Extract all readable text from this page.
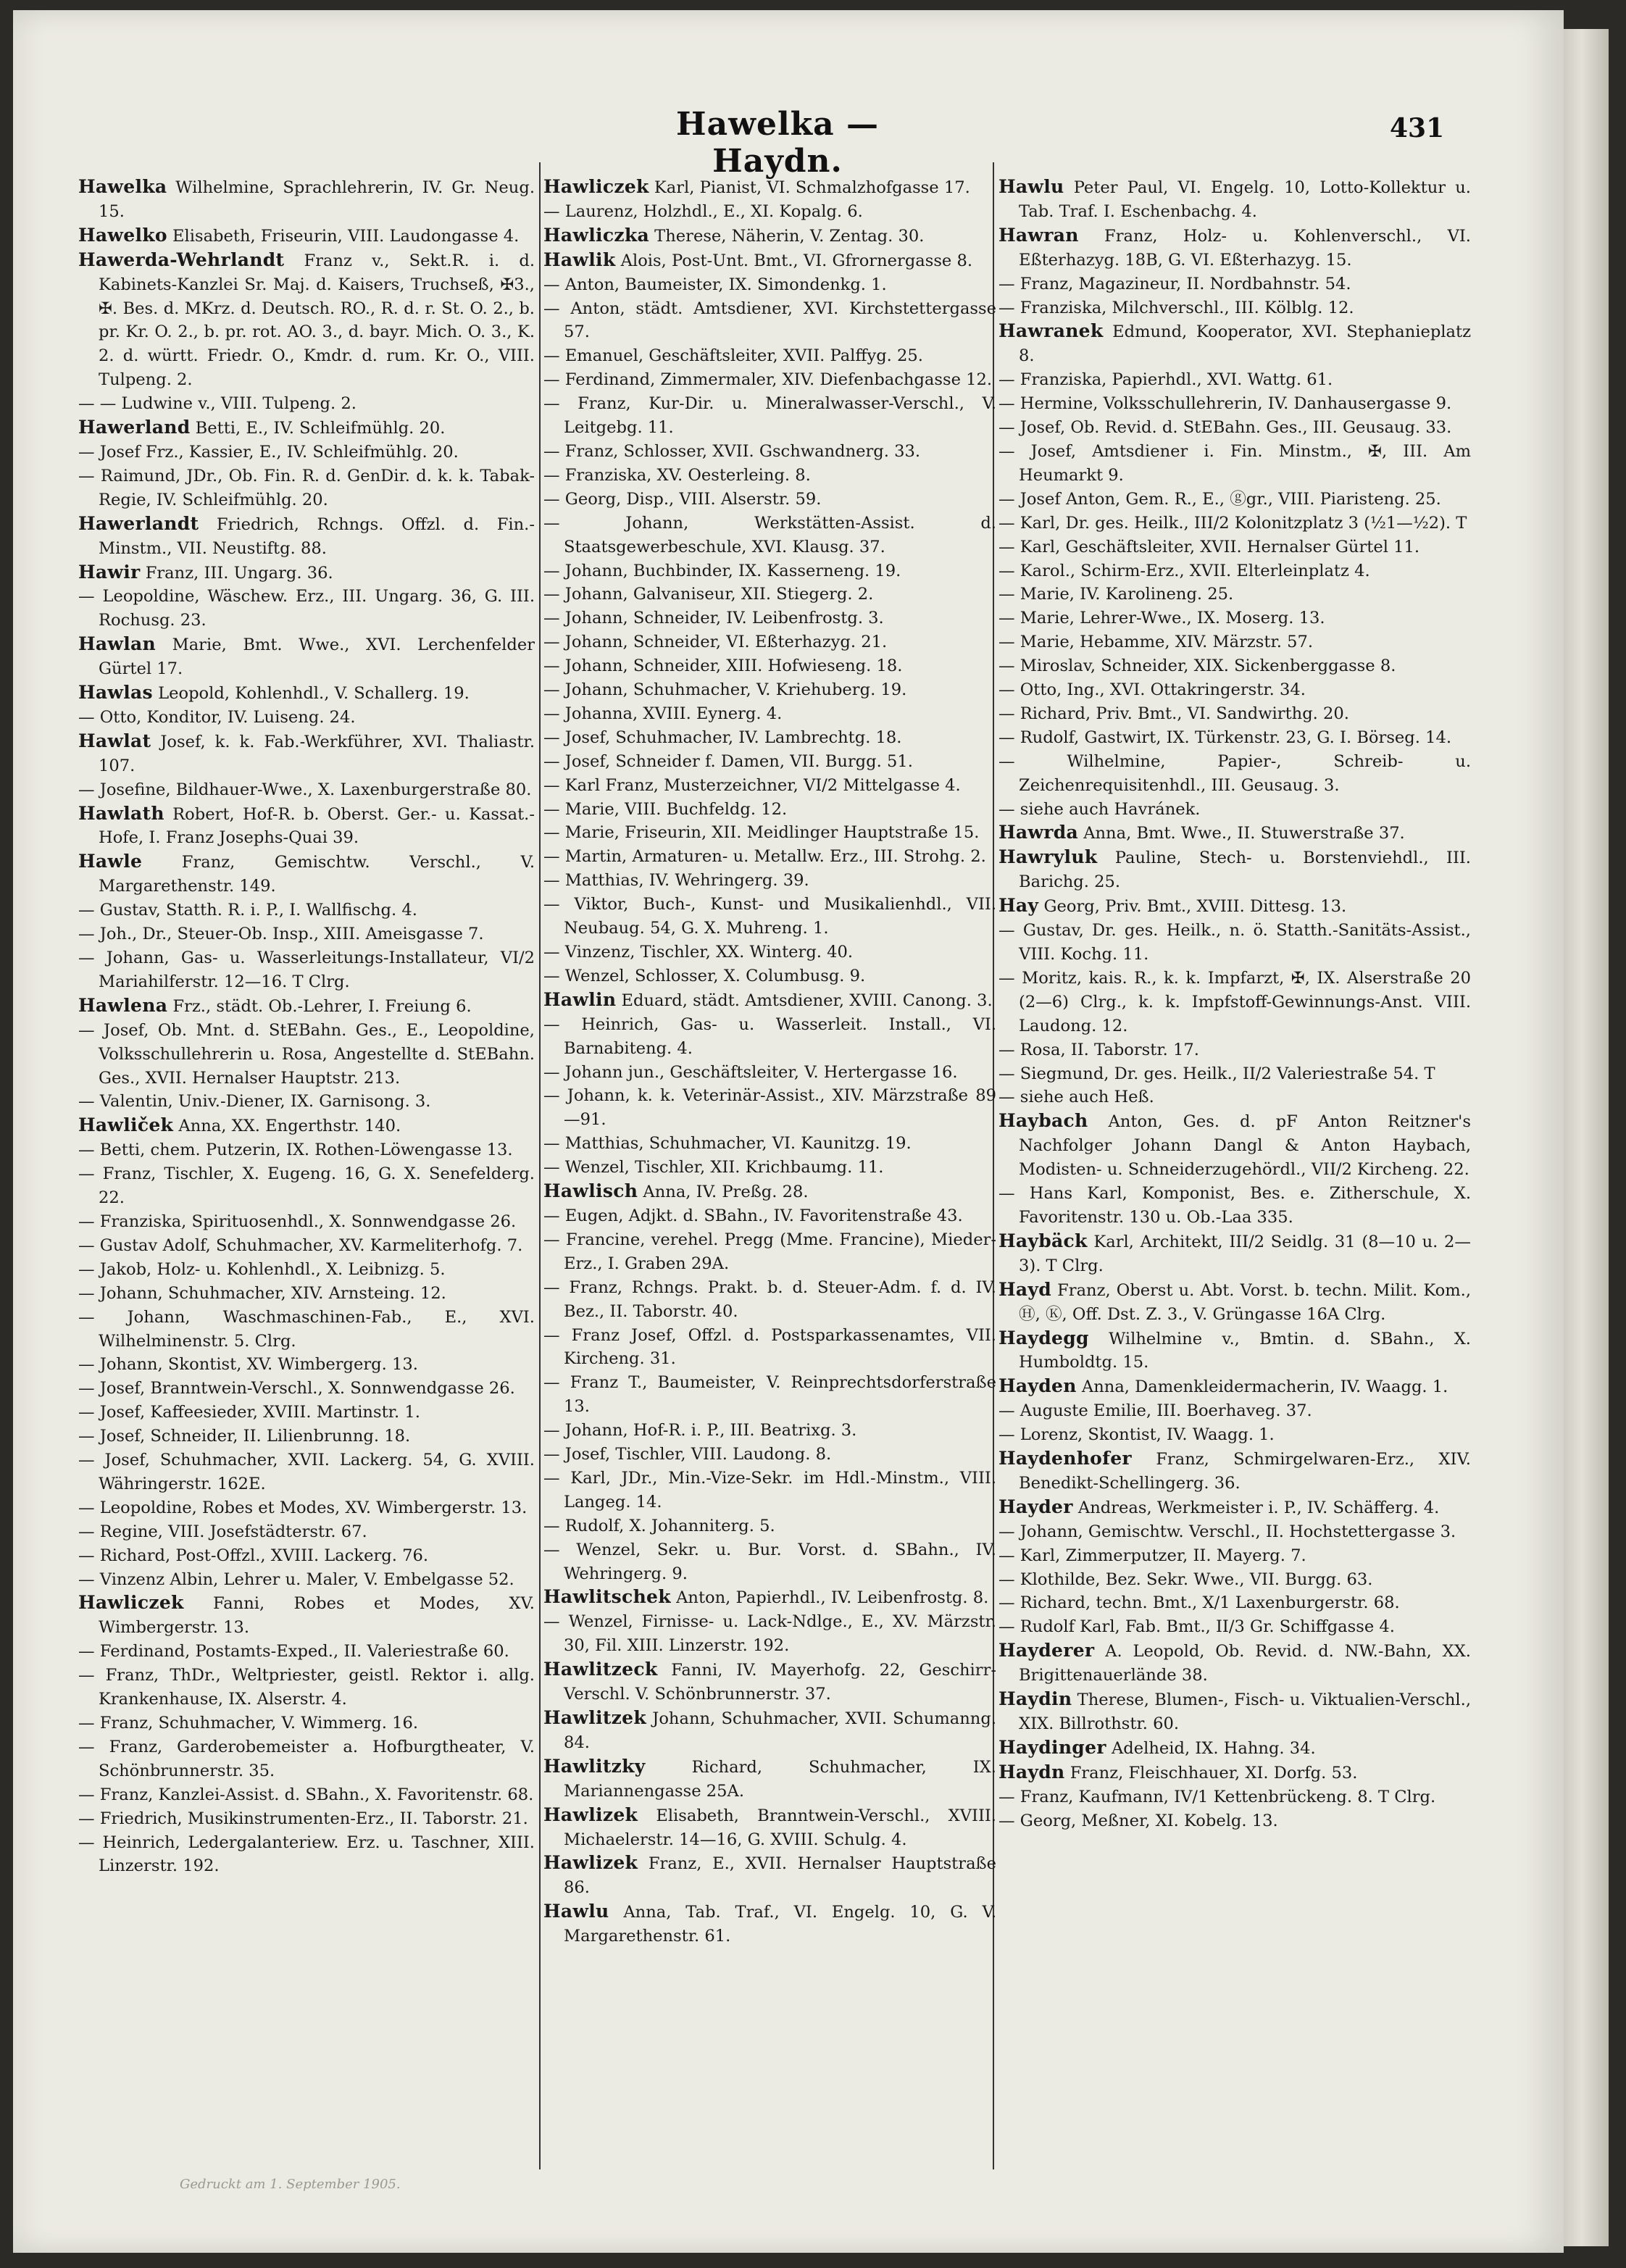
Hawelka — Haydn.
431

Hawelka Wilhelmine, Sprachlehrerin, IV. Gr. Neug. 15.

Hawelko Elisabeth, Friseurin, VIII. Laudongasse 4.

Hawerda-Wehrlandt Franz v., Sekt.R. i. d. Kabinets-Kanzlei Sr. Maj. d. Kaisers, Truchseß, ✠3., ✠. Bes. d. MKrz. d. Deutsch. RO., R. d. r. St. O. 2., b. pr. Kr. O. 2., b. pr. rot. AO. 3., d. bayr. Mich. O. 3., K. 2. d. württ. Friedr. O., Kmdr. d. rum. Kr. O., VIII. Tulpeng. 2.

— — Ludwine v., VIII. Tulpeng. 2.

Hawerland Betti, E., IV. Schleifmühlg. 20.

— Josef Frz., Kassier, E., IV. Schleifmühlg. 20.

— Raimund, JDr., Ob. Fin. R. d. GenDir. d. k. k. Tabak-Regie, IV. Schleifmühlg. 20.

Hawerlandt Friedrich, Rchngs. Offzl. d. Fin.-Minstm., VII. Neustiftg. 88.

Hawir Franz, III. Ungarg. 36.

— Leopoldine, Wäschew. Erz., III. Ungarg. 36, G. III. Rochusg. 23.

Hawlan Marie, Bmt. Wwe., XVI. Lerchenfelder Gürtel 17.

Hawlas Leopold, Kohlenhdl., V. Schallerg. 19.

— Otto, Konditor, IV. Luiseng. 24.

Hawlat Josef, k. k. Fab.-Werkführer, XVI. Thaliastr. 107.

— Josefine, Bildhauer-Wwe., X. Laxenburgerstraße 80.

Hawlath Robert, Hof-R. b. Oberst. Ger.- u. Kassat.-Hofe, I. Franz Josephs-Quai 39.

Hawle Franz, Gemischtw. Verschl., V. Margarethenstr. 149.

— Gustav, Statth. R. i. P., I. Wallfischg. 4.

— Joh., Dr., Steuer-Ob. Insp., XIII. Ameisgasse 7.

— Johann, Gas- u. Wasserleitungs-Installateur, VI/2 Mariahilferstr. 12—16. T Clrg.

Hawlena Frz., städt. Ob.-Lehrer, I. Freiung 6.

— Josef, Ob. Mnt. d. StEBahn. Ges., E., Leopoldine, Volksschullehrerin u. Rosa, Angestellte d. StEBahn. Ges., XVII. Hernalser Hauptstr. 213.

— Valentin, Univ.-Diener, IX. Garnisong. 3.

Hawliček Anna, XX. Engerthstr. 140.

— Betti, chem. Putzerin, IX. Rothen-Löwengasse 13.

— Franz, Tischler, X. Eugeng. 16, G. X. Senefelderg. 22.

— Franziska, Spirituosenhdl., X. Sonnwendgasse 26.

— Gustav Adolf, Schuhmacher, XV. Karmeliterhofg. 7.

— Jakob, Holz- u. Kohlenhdl., X. Leibnizg. 5.

— Johann, Schuhmacher, XIV. Arnsteing. 12.

— Johann, Waschmaschinen-Fab., E., XVI. Wilhelminenstr. 5. Clrg.

— Johann, Skontist, XV. Wimbergerg. 13.

— Josef, Branntwein-Verschl., X. Sonnwendgasse 26.

— Josef, Kaffeesieder, XVIII. Martinstr. 1.

— Josef, Schneider, II. Lilienbrunng. 18.

— Josef, Schuhmacher, XVII. Lackerg. 54, G. XVIII. Währingerstr. 162E.

— Leopoldine, Robes et Modes, XV. Wimbergerstr. 13.

— Regine, VIII. Josefstädterstr. 67.

— Richard, Post-Offzl., XVIII. Lackerg. 76.

— Vinzenz Albin, Lehrer u. Maler, V. Embelgasse 52.

Hawliczek Fanni, Robes et Modes, XV. Wimbergerstr. 13.

— Ferdinand, Postamts-Exped., II. Valeriestraße 60.

— Franz, ThDr., Weltpriester, geistl. Rektor i. allg. Krankenhause, IX. Alserstr. 4.

— Franz, Schuhmacher, V. Wimmerg. 16.

— Franz, Garderobemeister a. Hofburgtheater, V. Schönbrunnerstr. 35.

— Franz, Kanzlei-Assist. d. SBahn., X. Favoritenstr. 68.

— Friedrich, Musikinstrumenten-Erz., II. Taborstr. 21.

— Heinrich, Ledergalanteriew. Erz. u. Taschner, XIII. Linzerstr. 192.

Hawliczek Karl, Pianist, VI. Schmalzhofgasse 17.

— Laurenz, Holzhdl., E., XI. Kopalg. 6.

Hawliczka Therese, Näherin, V. Zentag. 30.

Hawlik Alois, Post-Unt. Bmt., VI. Gfrornergasse 8.

— Anton, Baumeister, IX. Simondenkg. 1.

— Anton, städt. Amtsdiener, XVI. Kirchstettergasse 57.

— Emanuel, Geschäftsleiter, XVII. Palffyg. 25.

— Ferdinand, Zimmermaler, XIV. Diefenbachgasse 12.

— Franz, Kur-Dir. u. Mineralwasser-Verschl., V. Leitgebg. 11.

— Franz, Schlosser, XVII. Gschwandnerg. 33.

— Franziska, XV. Oesterleing. 8.

— Georg, Disp., VIII. Alserstr. 59.

— Johann, Werkstätten-Assist. d. Staatsgewerbeschule, XVI. Klausg. 37.

— Johann, Buchbinder, IX. Kasserneng. 19.

— Johann, Galvaniseur, XII. Stiegerg. 2.

— Johann, Schneider, IV. Leibenfrostg. 3.

— Johann, Schneider, VI. Eßterhazyg. 21.

— Johann, Schneider, XIII. Hofwieseng. 18.

— Johann, Schuhmacher, V. Kriehuberg. 19.

— Johanna, XVIII. Eynerg. 4.

— Josef, Schuhmacher, IV. Lambrechtg. 18.

— Josef, Schneider f. Damen, VII. Burgg. 51.

— Karl Franz, Musterzeichner, VI/2 Mittelgasse 4.

— Marie, VIII. Buchfeldg. 12.

— Marie, Friseurin, XII. Meidlinger Hauptstraße 15.

— Martin, Armaturen- u. Metallw. Erz., III. Strohg. 2.

— Matthias, IV. Wehringerg. 39.

— Viktor, Buch-, Kunst- und Musikalienhdl., VII. Neubaug. 54, G. X. Muhreng. 1.

— Vinzenz, Tischler, XX. Winterg. 40.

— Wenzel, Schlosser, X. Columbusg. 9.

Hawlin Eduard, städt. Amtsdiener, XVIII. Canong. 3.

— Heinrich, Gas- u. Wasserleit. Install., VI. Barnabiteng. 4.

— Johann jun., Geschäftsleiter, V. Hertergasse 16.

— Johann, k. k. Veterinär-Assist., XIV. Märzstraße 89—91.

— Matthias, Schuhmacher, VI. Kaunitzg. 19.

— Wenzel, Tischler, XII. Krichbaumg. 11.

Hawlisch Anna, IV. Preßg. 28.

— Eugen, Adjkt. d. SBahn., IV. Favoritenstraße 43.

— Francine, verehel. Pregg (Mme. Francine), Mieder-Erz., I. Graben 29A.

— Franz, Rchngs. Prakt. b. d. Steuer-Adm. f. d. IV. Bez., II. Taborstr. 40.

— Franz Josef, Offzl. d. Postsparkassenamtes, VII. Kircheng. 31.

— Franz T., Baumeister, V. Reinprechtsdorferstraße 13.

— Johann, Hof-R. i. P., III. Beatrixg. 3.

— Josef, Tischler, VIII. Laudong. 8.

— Karl, JDr., Min.-Vize-Sekr. im Hdl.-Minstm., VIII. Langeg. 14.

— Rudolf, X. Johanniterg. 5.

— Wenzel, Sekr. u. Bur. Vorst. d. SBahn., IV. Wehringerg. 9.

Hawlitschek Anton, Papierhdl., IV. Leibenfrostg. 8.

— Wenzel, Firnisse- u. Lack-Ndlge., E., XV. Märzstr. 30, Fil. XIII. Linzerstr. 192.

Hawlitzeck Fanni, IV. Mayerhofg. 22, Geschirr-Verschl. V. Schönbrunnerstr. 37.

Hawlitzek Johann, Schuhmacher, XVII. Schumanng. 84.

Hawlitzky	Richard, Schuhmacher, IX. Mariannengasse 25A.

Hawlizek Elisabeth, Branntwein-Verschl., XVIII. Michaelerstr. 14—16, G. XVIII. Schulg. 4.

Hawlizek Franz, E., XVII. Hernalser Hauptstraße 86.

Hawlu Anna, Tab. Traf., VI. Engelg. 10, G. V. Margarethenstr. 61.

Hawlu Peter Paul, VI. Engelg. 10, Lotto-Kollektur u. Tab. Traf. I. Eschenbachg. 4.

Hawran Franz, Holz- u. Kohlenverschl., VI. Eßterhazyg. 18B, G. VI. Eßterhazyg. 15.

— Franz, Magazineur, II. Nordbahnstr. 54.

— Franziska, Milchverschl., III. Kölblg. 12.

Hawranek Edmund, Kooperator, XVI. Stephanieplatz 8.

— Franziska, Papierhdl., XVI. Wattg. 61.

— Hermine, Volksschullehrerin, IV. Danhausergasse 9.

— Josef, Ob. Revid. d. StEBahn. Ges., III. Geusaug. 33.

— Josef, Amtsdiener i. Fin. Minstm., ✠, III. Am Heumarkt 9.

— Josef Anton, Gem. R., E., ⓖgr., VIII. Piaristeng. 25.

— Karl, Dr. ges. Heilk., III/2 Kolonitzplatz 3 (½1—½2). T

— Karl, Geschäftsleiter, XVII. Hernalser Gürtel 11.

— Karol., Schirm-Erz., XVII. Elterleinplatz 4.

— Marie, IV. Karolineng. 25.

— Marie, Lehrer-Wwe., IX. Moserg. 13.

— Marie, Hebamme, XIV. Märzstr. 57.

— Miroslav, Schneider, XIX. Sickenberggasse 8.

— Otto, Ing., XVI. Ottakringerstr. 34.

— Richard, Priv. Bmt., VI. Sandwirthg. 20.

— Rudolf, Gastwirt, IX. Türkenstr. 23, G. I. Börseg. 14.

— Wilhelmine, Papier-, Schreib- u. Zeichenrequisitenhdl., III. Geusaug. 3.

— siehe auch Havránek.

Hawrda Anna, Bmt. Wwe., II. Stuwerstraße 37.

Hawryluk Pauline, Stech- u. Borstenviehdl., III. Barichg. 25.

Hay Georg, Priv. Bmt., XVIII. Dittesg. 13.

— Gustav, Dr. ges. Heilk., n. ö. Statth.-Sanitäts-Assist., VIII. Kochg. 11.

— Moritz, kais. R., k. k. Impfarzt, ✠, IX. Alserstraße 20 (2—6) Clrg., k. k. Impfstoff-Gewinnungs-Anst. VIII. Laudong. 12.

— Rosa, II. Taborstr. 17.

— Siegmund, Dr. ges. Heilk., II/2 Valeriestraße 54. T

— siehe auch Heß.

Haybach Anton, Ges. d. pF Anton Reitzner's Nachfolger Johann Dangl & Anton Haybach, Modisten- u. Schneiderzugehördl., VII/2 Kircheng. 22.

— Hans Karl, Komponist, Bes. e. Zitherschule, X. Favoritenstr. 130 u. Ob.-Laa 335.

Haybäck Karl, Architekt, III/2 Seidlg. 31 (8—10 u. 2—3). T Clrg.

Hayd Franz, Oberst u. Abt. Vorst. b. techn. Milit. Kom., Ⓗ, Ⓚ, Off. Dst. Z. 3., V. Grüngasse 16A Clrg.

Haydegg Wilhelmine v., Bmtin. d. SBahn., X. Humboldtg. 15.

Hayden Anna, Damenkleidermacherin, IV. Waagg. 1.

— Auguste Emilie, III. Boerhaveg. 37.

— Lorenz, Skontist, IV. Waagg. 1.

Haydenhofer Franz, Schmirgelwaren-Erz., XIV. Benedikt-Schellingerg. 36.

Hayder Andreas, Werkmeister i. P., IV. Schäfferg. 4.

— Johann, Gemischtw. Verschl., II. Hochstettergasse 3.

— Karl, Zimmerputzer, II. Mayerg. 7.

— Klothilde, Bez. Sekr. Wwe., VII. Burgg. 63.

— Richard, techn. Bmt., X/1 Laxenburgerstr. 68.

— Rudolf Karl, Fab. Bmt., II/3 Gr. Schiffgasse 4.

Hayderer A. Leopold, Ob. Revid. d. NW.-Bahn, XX. Brigittenauerlände 38.

Haydin Therese, Blumen-, Fisch- u. Viktualien-Verschl., XIX. Billrothstr. 60.

Haydinger Adelheid, IX. Hahng. 34.

Haydn Franz, Fleischhauer, XI. Dorfg. 53.

— Franz, Kaufmann, IV/1 Kettenbrückeng. 8. T Clrg.

— Georg, Meßner, XI. Kobelg. 13.

Gedruckt am 1. September 1905.
